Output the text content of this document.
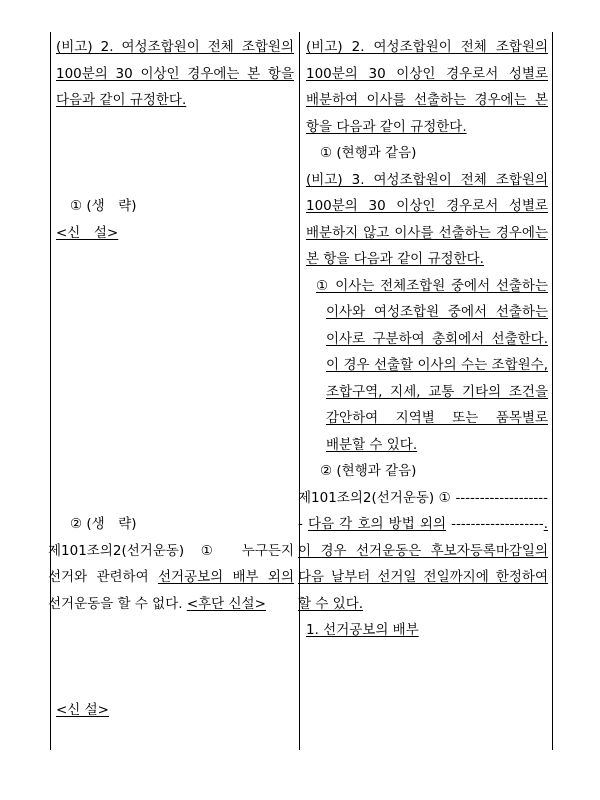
(비고) 2. 여성조합원이 전체 조합원의 100분의 30 이상인 경우에는 본 항을 다음과 같이 규정한다.

① (생　략)

<신　설>

② (생　략)

제101조의2(선거운동) ① 누구든지 선거와 관련하여 선거공보의 배부 외의 선거운동을 할 수 없다. <후단 신설>

<신 설>

(비고) 2. 여성조합원이 전체 조합원의 100분의 30 이상인 경우로서 성별로 배분하여 이사를 선출하는 경우에는 본 항을 다음과 같이 규정한다.

① (현행과 같음)

(비고) 3. 여성조합원이 전체 조합원의 100분의 30 이상인 경우로서 성별로 배분하지 않고 이사를 선출하는 경우에는 본 항을 다음과 같이 규정한다.

① 이사는 전체조합원 중에서 선출하는 이사와 여성조합원 중에서 선출하는 이사로 구분하여 총회에서 선출한다. 이 경우 선출할 이사의 수는 조합원수, 조합구역, 지세, 교통 기타의 조건을 감안하여 지역별 또는 품목별로 배분할 수 있다.

② (현행과 같음)

제101조의2(선거운동) ① -------------------- 다음 각 호의 방법 외의 -------------------. 이 경우 선거운동은 후보자등록마감일의 다음 날부터 선거일 전일까지에 한정하여 할 수 있다.

1. 선거공보의 배부
